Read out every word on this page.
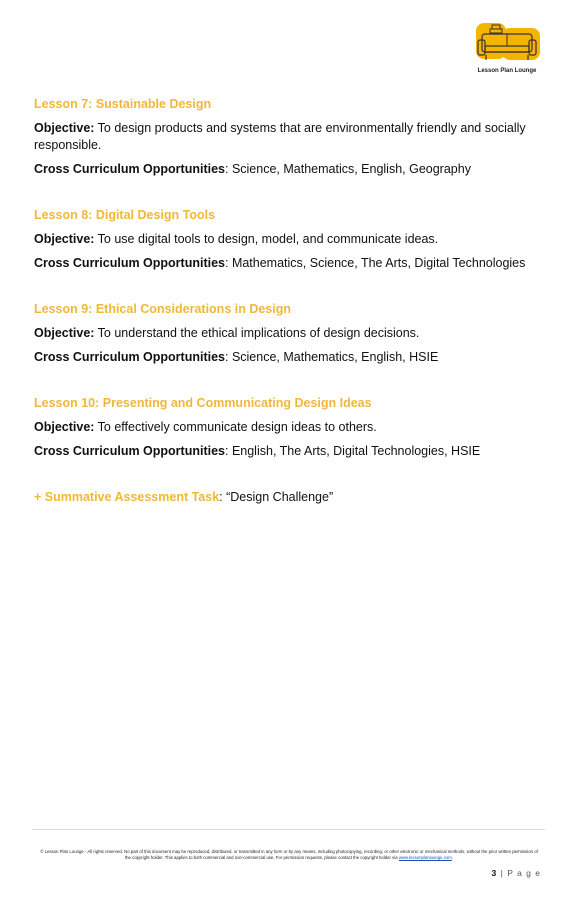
Lesson Plan Lounge
Lesson 7: Sustainable Design
Objective: To design products and systems that are environmentally friendly and socially responsible.
Cross Curriculum Opportunities: Science, Mathematics, English, Geography
Lesson 8: Digital Design Tools
Objective: To use digital tools to design, model, and communicate ideas.
Cross Curriculum Opportunities: Mathematics, Science, The Arts, Digital Technologies
Lesson 9: Ethical Considerations in Design
Objective: To understand the ethical implications of design decisions.
Cross Curriculum Opportunities: Science, Mathematics, English, HSIE
Lesson 10: Presenting and Communicating Design Ideas
Objective: To effectively communicate design ideas to others.
Cross Curriculum Opportunities: English, The Arts, Digital Technologies, HSIE
+ Summative Assessment Task: “Design Challenge”
© Lesson Plan Lounge - All rights reserved. No part of this document may be reproduced, distributed, or transmitted in any form or by any means, including photocopying, recording, or other electronic or mechanical methods, without the prior written permission of the copyright holder. This applies to both commercial and non-commercial use. For permission requests, please contact the copyright holder via www.lessonplanlounge.com.
3 | P a g e
